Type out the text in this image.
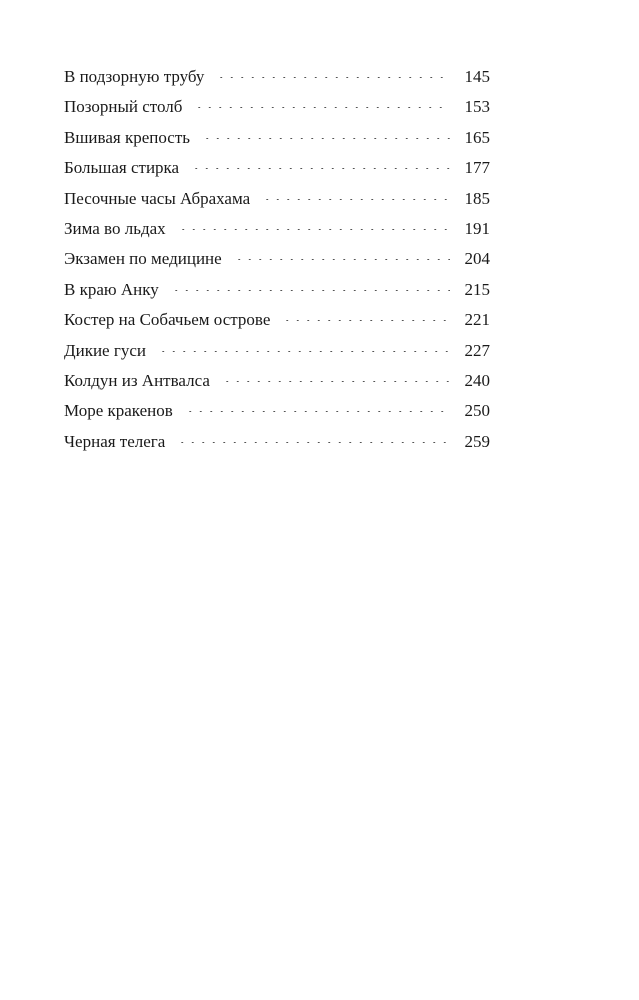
В подзорную трубу	145
Позорный столб	153
Вшивая крепость	165
Большая стирка	177
Песочные часы Абрахама	185
Зима во льдах	191
Экзамен по медицине	204
В краю Анку	215
Костер на Собачьем острове	221
Дикие гуси	227
Колдун из Антвалса	240
Море кракенов	250
Черная телега	259
